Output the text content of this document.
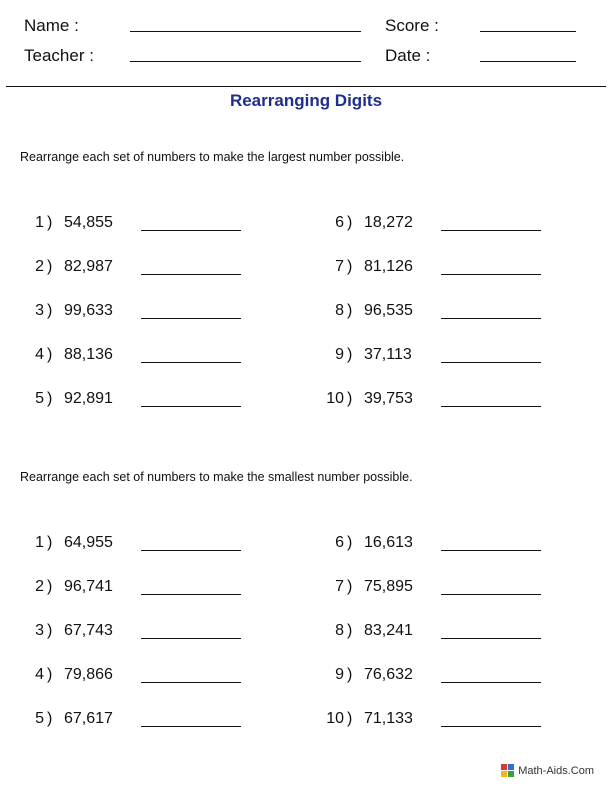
Name :
Teacher :
Score :
Date :
Rearranging Digits
Rearrange each set of numbers to make the largest number possible.
1 ) 54,855
2 ) 82,987
3 ) 99,633
4 ) 88,136
5 ) 92,891
6 ) 18,272
7 ) 81,126
8 ) 96,535
9 ) 37,113
10 ) 39,753
Rearrange each set of numbers to make the smallest number possible.
1 ) 64,955
2 ) 96,741
3 ) 67,743
4 ) 79,866
5 ) 67,617
6 ) 16,613
7 ) 75,895
8 ) 83,241
9 ) 76,632
10 ) 71,133
Math-Aids.Com
